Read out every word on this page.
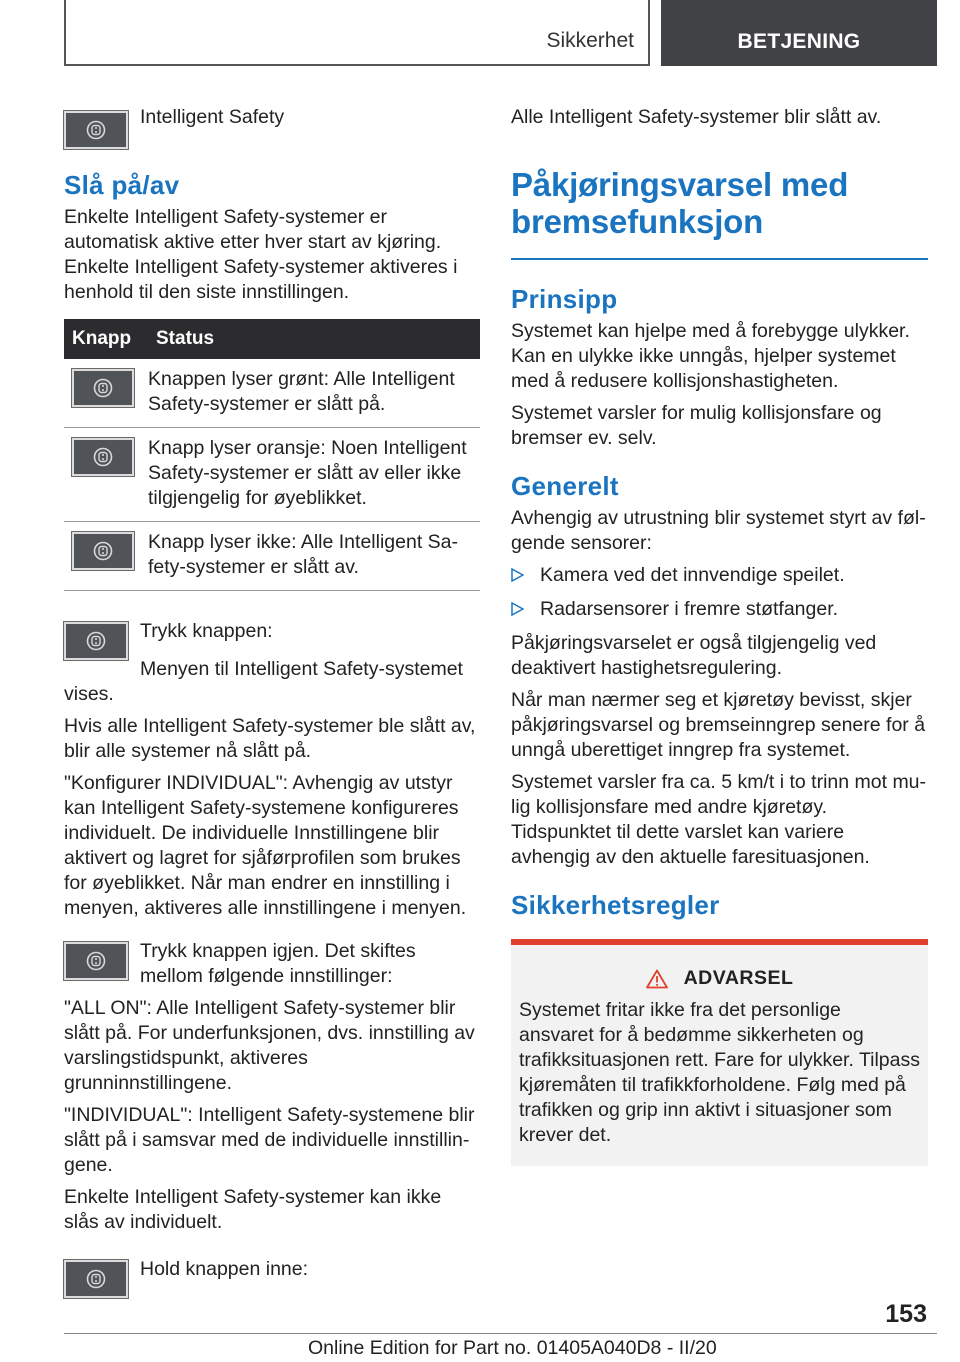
Sikkerhet	BETJENING

Intelligent Safety

Slå på/av

Enkelte Intelligent Safety-systemer er automatisk aktive etter hver start av kjøring. Enkelte Intelligent Safety-systemer aktiveres i henhold til den siste innstillingen.

Knapp	Status

	Knappen lyser grønt: Alle Intelligent Safety-systemer er slått på.

	Knapp lyser oransje: Noen Intelligent Safety-systemer er slått av eller ikke tilgjengelig for øyeblikket.

	Knapp lyser ikke: Alle Intelligent Safety-systemer er slått av.

Trykk knappen:

Menyen til Intelligent Safety-systemet vises.

Hvis alle Intelligent Safety-systemer ble slått av, blir alle systemer nå slått på.

"Konfigurer INDIVIDUAL": Avhengig av utstyr kan Intelligent Safety-systemene konfigureres individuelt. De individuelle Innstillingene blir aktivert og lagret for sjåførprofilen som brukes for øyeblikket. Når man endrer en innstilling i menyen, aktiveres alle innstillingene i menyen.

Trykk knappen igjen. Det skiftes mellom følgende innstillinger:

"ALL ON": Alle Intelligent Safety-systemer blir slått på. For underfunksjonen, dvs. innstilling av varslingstidspunkt, aktiveres grunninnstillingene.

"INDIVIDUAL": Intelligent Safety-systemene blir slått på i samsvar med de individuelle innstillingene.

Enkelte Intelligent Safety-systemer kan ikke slås av individuelt.

Hold knappen inne:

Alle Intelligent Safety-systemer blir slått av.

Påkjøringsvarsel med bremsefunksjon
Prinsipp

Systemet kan hjelpe med å forebygge ulykker. Kan en ulykke ikke unngås, hjelper systemet med å redusere kollisjonshastigheten.

Systemet varsler for mulig kollisjonsfare og bremser ev. selv.

Generelt

Avhengig av utrustning blir systemet styrt av følgende sensorer:

Kamera ved det innvendige speilet.
Radarsensorer i fremre støtfanger.

Påkjøringsvarselet er også tilgjengelig ved deaktivert hastighetsregulering.

Når man nærmer seg et kjøretøy bevisst, skjer påkjøringsvarsel og bremseinngrep senere for å unngå uberettiget inngrep fra systemet.

Systemet varsler fra ca. 5 km/t i to trinn mot mulig kollisjonsfare med andre kjøretøy. Tidspunktet til dette varslet kan variere avhengig av den aktuelle faresituasjonen.

Sikkerhetsregler
ADVARSEL

Systemet fritar ikke fra det personlige ansvaret for å bedømme sikkerheten og trafikksituasjonen rett. Fare for ulykker. Tilpass kjøremåten til trafikkforholdene. Følg med på trafikken og grip inn aktivt i situasjoner som krever det.

153
Online Edition for Part no. 01405A040D8 - II/20
